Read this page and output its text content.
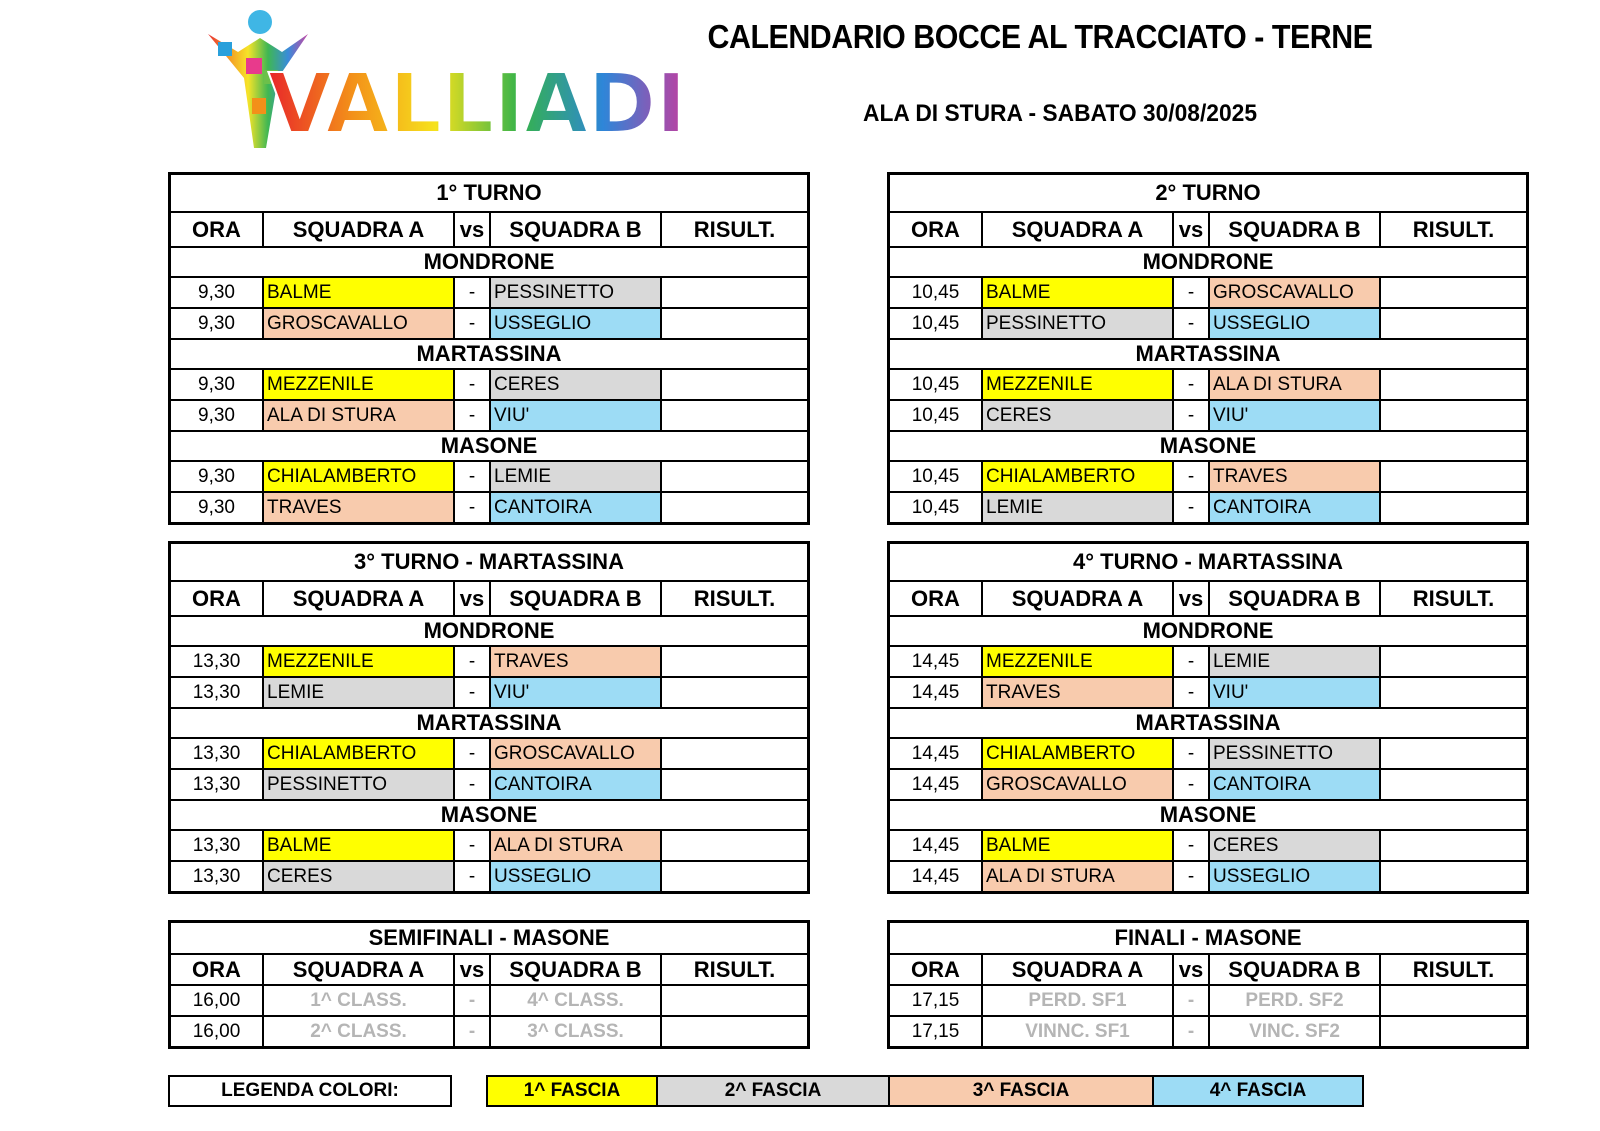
VALLIADI
CALENDARIO BOCCE AL TRACCIATO - TERNE
ALA DI STURA - SABATO 30/08/2025
1° TURNO
ORA	SQUADRA A	vs	SQUADRA B	RISULT.
MONDRONE
9,30	BALME	- PESSINETTO
9,30	GROSCAVALLO	- USSEGLIO
MARTASSINA
9,30	MEZZENILE	- CERES
9,30	ALA DI STURA	- VIU'
MASONE
9,30	CHIALAMBERTO	- LEMIE
9,30	TRAVES	- CANTOIRA
2° TURNO
ORA	SQUADRA A	vs	SQUADRA B	RISULT.
MONDRONE
10,45	BALME	- GROSCAVALLO
10,45	PESSINETTO	- USSEGLIO
MARTASSINA
10,45	MEZZENILE	- ALA DI STURA
10,45	CERES	- VIU'
MASONE
10,45	CHIALAMBERTO	- TRAVES
10,45	LEMIE	- CANTOIRA
3° TURNO - MARTASSINA
ORA	SQUADRA A	vs	SQUADRA B	RISULT.
MONDRONE
13,30	MEZZENILE	- TRAVES
13,30	LEMIE	- VIU'
MARTASSINA
13,30	CHIALAMBERTO	- GROSCAVALLO
13,30	PESSINETTO	- CANTOIRA
MASONE
13,30	BALME	- ALA DI STURA
13,30	CERES	- USSEGLIO
4° TURNO - MARTASSINA
ORA	SQUADRA A	vs	SQUADRA B	RISULT.
MONDRONE
14,45	MEZZENILE	- LEMIE
14,45	TRAVES	- VIU'
MARTASSINA
14,45	CHIALAMBERTO	- PESSINETTO
14,45	GROSCAVALLO	- CANTOIRA
MASONE
14,45	BALME	- CERES
14,45	ALA DI STURA	- USSEGLIO
SEMIFINALI - MASONE
ORA	SQUADRA A	vs	SQUADRA B	RISULT.
16,00	1^ CLASS.	-	4^ CLASS.
16,00	2^ CLASS.	-	3^ CLASS.
FINALI - MASONE
ORA	SQUADRA A	vs	SQUADRA B	RISULT.
17,15	PERD. SF1	-	PERD. SF2
17,15	VINNC. SF1	-	VINC. SF2
LEGENDA COLORI:	1^ FASCIA	2^ FASCIA	3^ FASCIA	4^ FASCIA
